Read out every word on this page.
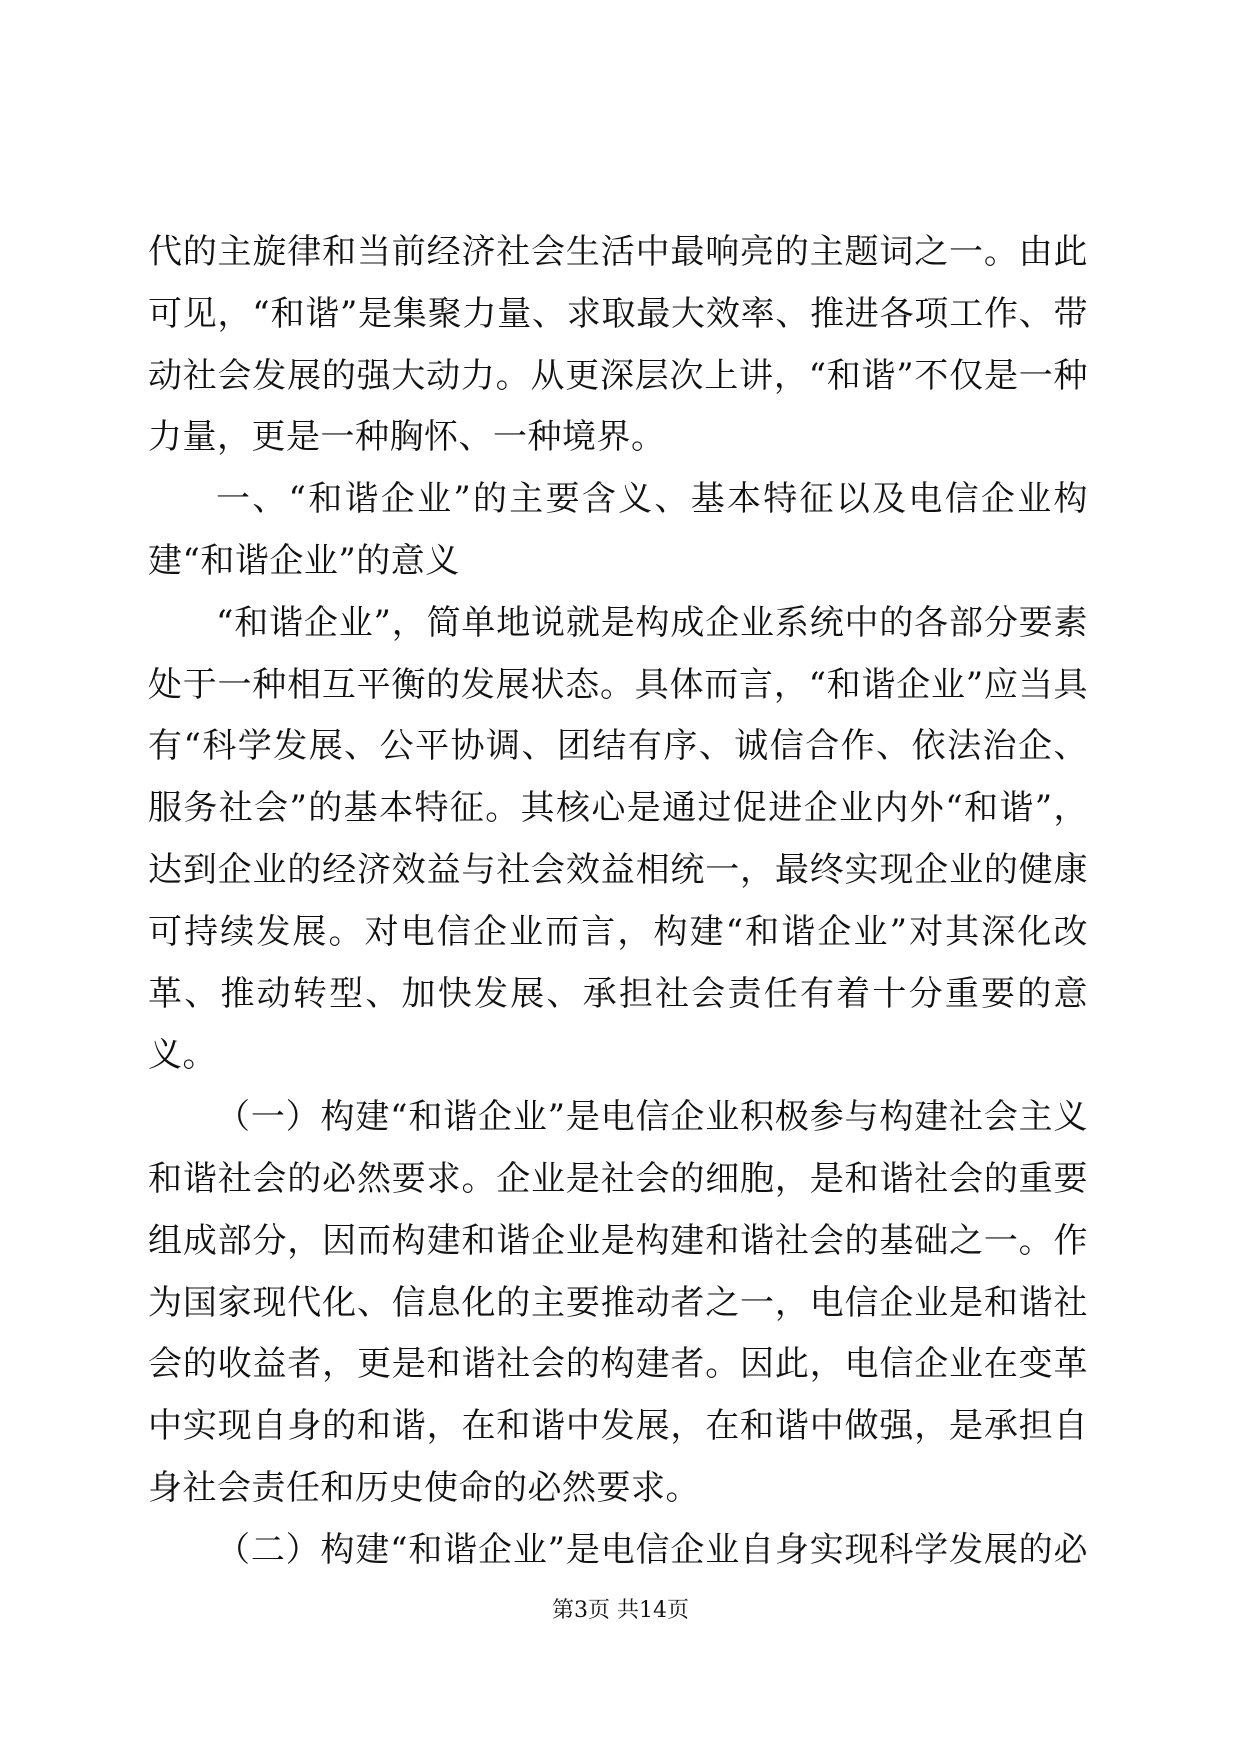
代的主旋律和当前经济社会生活中最响亮的主题词之一。由此可见，“和谐”是集聚力量、求取最大效率、推进各项工作、带动社会发展的强大动力。从更深层次上讲，“和谐”不仅是一种力量，更是一种胸怀、一种境界。

一、“和谐企业”的主要含义、基本特征以及电信企业构建“和谐企业”的意义

“和谐企业”，简单地说就是构成企业系统中的各部分要素处于一种相互平衡的发展状态。具体而言，“和谐企业”应当具有“科学发展、公平协调、团结有序、诚信合作、依法治企、服务社会”的基本特征。其核心是通过促进企业内外“和谐”，达到企业的经济效益与社会效益相统一，最终实现企业的健康可持续发展。对电信企业而言，构建“和谐企业”对其深化改革、推动转型、加快发展、承担社会责任有着十分重要的意义。

（一）构建“和谐企业”是电信企业积极参与构建社会主义和谐社会的必然要求。企业是社会的细胞，是和谐社会的重要组成部分，因而构建和谐企业是构建和谐社会的基础之一。作为国家现代化、信息化的主要推动者之一，电信企业是和谐社会的收益者，更是和谐社会的构建者。因此，电信企业在变革中实现自身的和谐，在和谐中发展，在和谐中做强，是承担自身社会责任和历史使命的必然要求。

（二）构建“和谐企业”是电信企业自身实现科学发展的必

第3页 共14页
